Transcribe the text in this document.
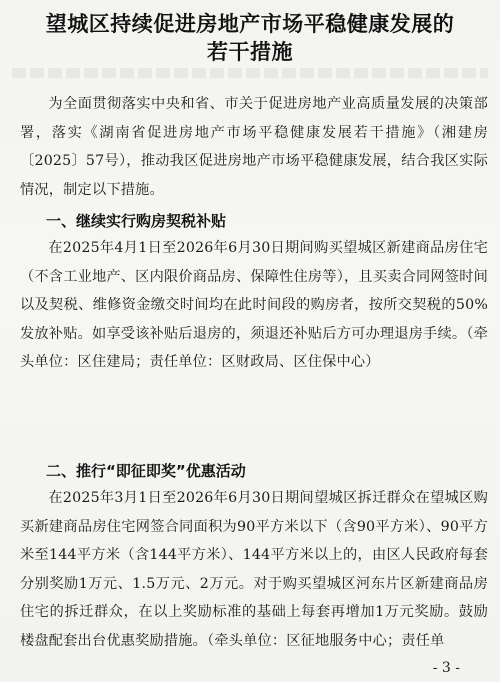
望城区持续促进房地产市场平稳健康发展的
若干措施
为全面贯彻落实中央和省、市关于促进房地产业高质量发展的决策部署，落实《湖南省促进房地产市场平稳健康发展若干措施》（湘建房〔2025〕57号），推动我区促进房地产市场平稳健康发展，结合我区实际情况，制定以下措施。
一、继续实行购房契税补贴
在2025年4月1日至2026年6月30日期间购买望城区新建商品房住宅（不含工业地产、区内限价商品房、保障性住房等），且买卖合同网签时间以及契税、维修资金缴交时间均在此时间段的购房者，按所交契税的50%发放补贴。如享受该补贴后退房的，须退还补贴后方可办理退房手续。（牵头单位：区住建局；责任单位：区财政局、区住保中心）
二、推行“即征即奖”优惠活动
在2025年3月1日至2026年6月30日期间望城区拆迁群众在望城区购买新建商品房住宅网签合同面积为90平方米以下（含90平方米）、90平方米至144平方米（含144平方米）、144平方米以上的，由区人民政府每套分别奖励1万元、1.5万元、2万元。对于购买望城区河东片区新建商品房住宅的拆迁群众，在以上奖励标准的基础上每套再增加1万元奖励。鼓励楼盘配套出台优惠奖励措施。（牵头单位：区征地服务中心；责任单
- 3 -
